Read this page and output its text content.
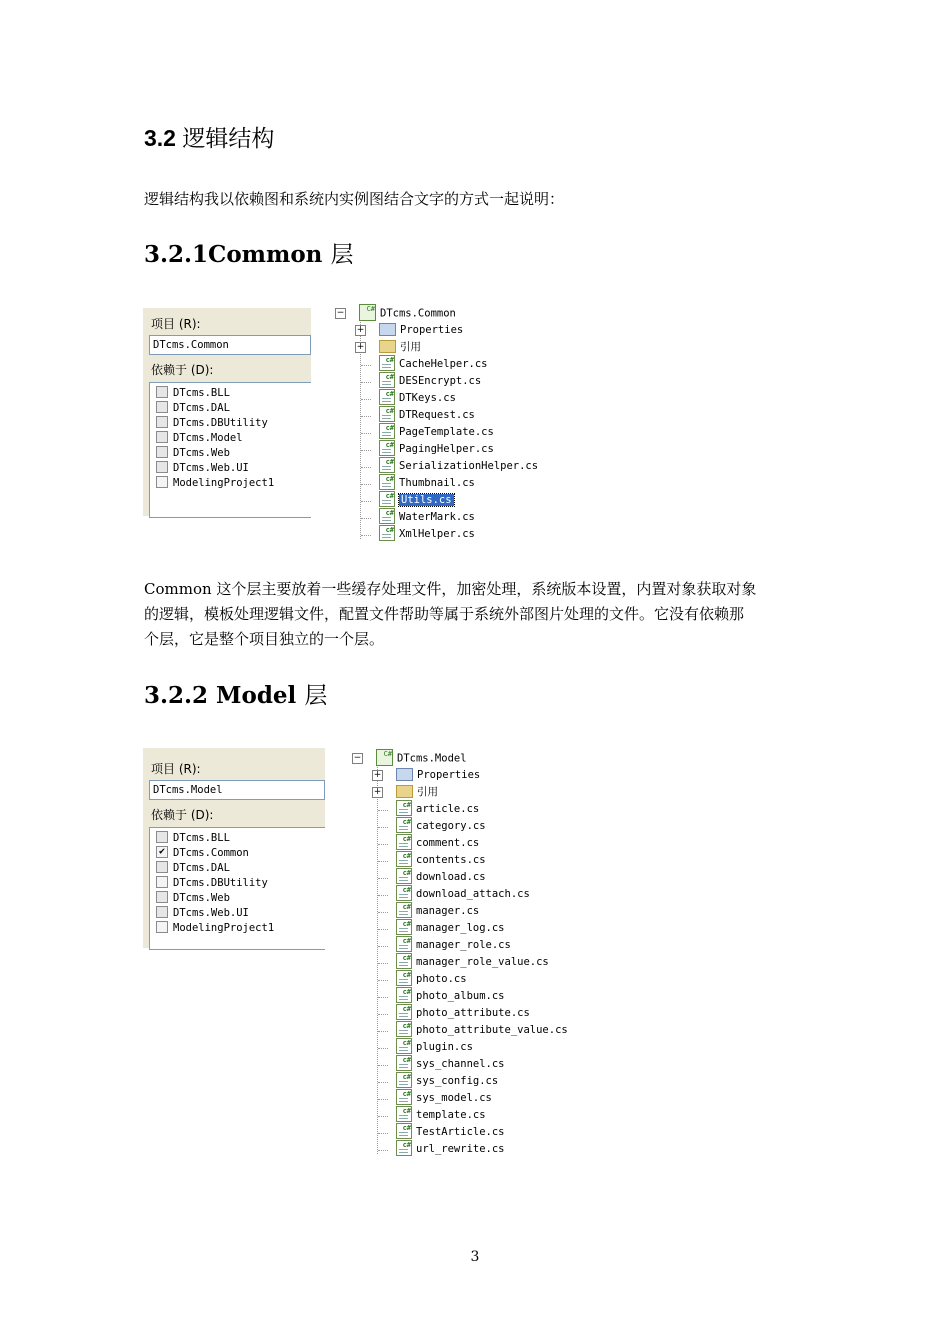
3.2 逻辑结构

逻辑结构我以依赖图和系统内实例图结合文字的方式一起说明：

3.2.1Common 层
项目 (R):
DTcms.Common
依赖于 (D):
DTcms.BLL
DTcms.DAL
DTcms.DBUtility
DTcms.Model
DTcms.Web
DTcms.Web.UI
ModelingProject1
−	C# DTcms.Common
+	Properties
+	引用
c# CacheHelper.cs
c# DESEncrypt.cs
c# DTKeys.cs
c# DTRequest.cs
c# PageTemplate.cs
c# PagingHelper.cs
c# SerializationHelper.cs
c# Thumbnail.cs
c# Utils.cs
c# WaterMark.cs
c# XmlHelper.cs

Common 这个层主要放着一些缓存处理文件，加密处理，系统版本设置，内置对象获取对象

的逻辑，模板处理逻辑文件，配置文件帮助等属于系统外部图片处理的文件。它没有依赖那

个层，它是整个项目独立的一个层。

3.2.2 Model 层
项目 (R):
DTcms.Model
依赖于 (D):
DTcms.BLL
✔ DTcms.Common
DTcms.DAL
DTcms.DBUtility
DTcms.Web
DTcms.Web.UI
ModelingProject1
−	C# DTcms.Model
+	Properties
+	引用
c# article.cs
c# category.cs
c# comment.cs
c# contents.cs
c# download.cs
c# download_attach.cs
c# manager.cs
c# manager_log.cs
c# manager_role.cs
c# manager_role_value.cs
c# photo.cs
c# photo_album.cs
c# photo_attribute.cs
c# photo_attribute_value.cs
c# plugin.cs
c# sys_channel.cs
c# sys_config.cs
c# sys_model.cs
c# template.cs
c# TestArticle.cs
c# url_rewrite.cs
3
